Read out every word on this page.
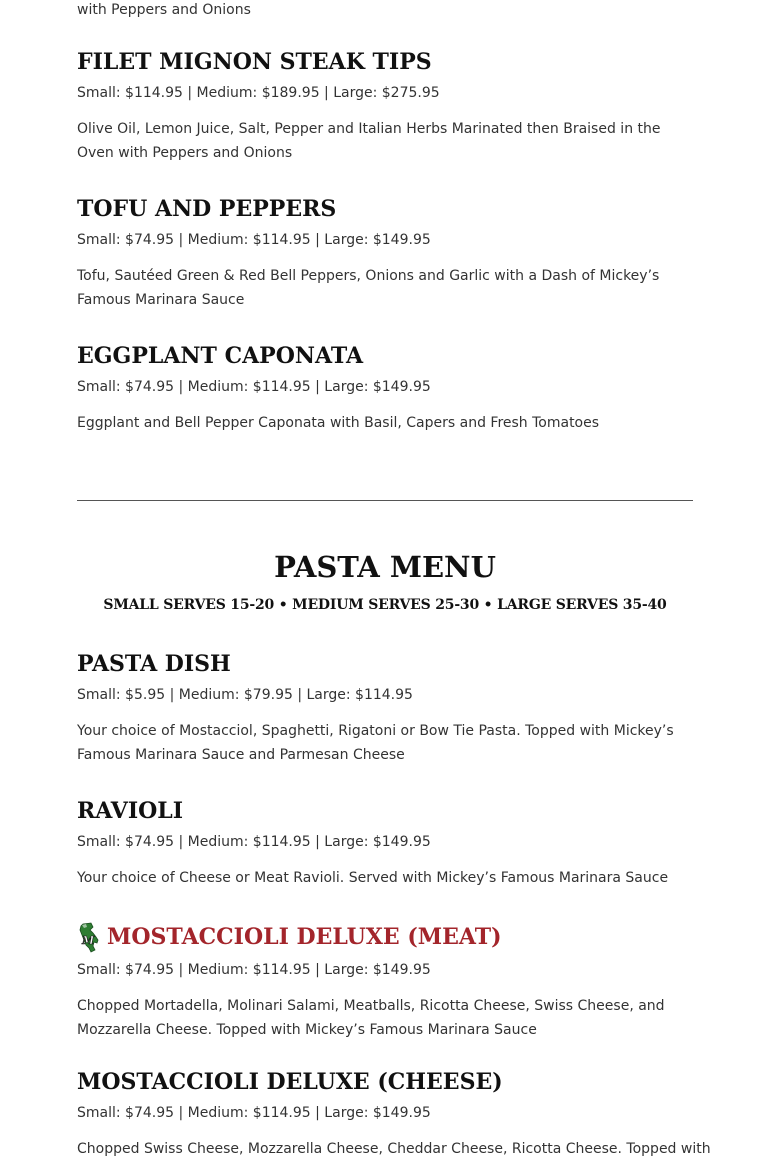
with Peppers and Onions
FILET MIGNON STEAK TIPS

Small: $114.95 | Medium: $189.95 | Large: $275.95

Olive Oil, Lemon Juice, Salt, Pepper and Italian Herbs Marinated then Braised in the Oven with Peppers and Onions

TOFU AND PEPPERS

Small: $74.95 | Medium: $114.95 | Large: $149.95

Tofu, Sautéed Green & Red Bell Peppers, Onions and Garlic with a Dash of Mickey’s Famous Marinara Sauce

EGGPLANT CAPONATA

Small: $74.95 | Medium: $114.95 | Large: $149.95

Eggplant and Bell Pepper Caponata with Basil, Capers and Fresh Tomatoes

PASTA MENU

SMALL SERVES 15-20 • MEDIUM SERVES 25-30 • LARGE SERVES 35-40

PASTA DISH

Small: $5.95 | Medium: $79.95 | Large: $114.95

Your choice of Mostacciol, Spaghetti, Rigatoni or Bow Tie Pasta. Topped with Mickey’s Famous Marinara Sauce and Parmesan Cheese

RAVIOLI

Small: $74.95 | Medium: $114.95 | Large: $149.95

Your choice of Cheese or Meat Ravioli. Served with Mickey’s Famous Marinara Sauce

M MOSTACCIOLI DELUXE (MEAT)

Small: $74.95 | Medium: $114.95 | Large: $149.95

Chopped Mortadella, Molinari Salami, Meatballs, Ricotta Cheese, Swiss Cheese, and Mozzarella Cheese. Topped with Mickey’s Famous Marinara Sauce

MOSTACCIOLI DELUXE (CHEESE)

Small: $74.95 | Medium: $114.95 | Large: $149.95

Chopped Swiss Cheese, Mozzarella Cheese, Cheddar Cheese, Ricotta Cheese. Topped with
